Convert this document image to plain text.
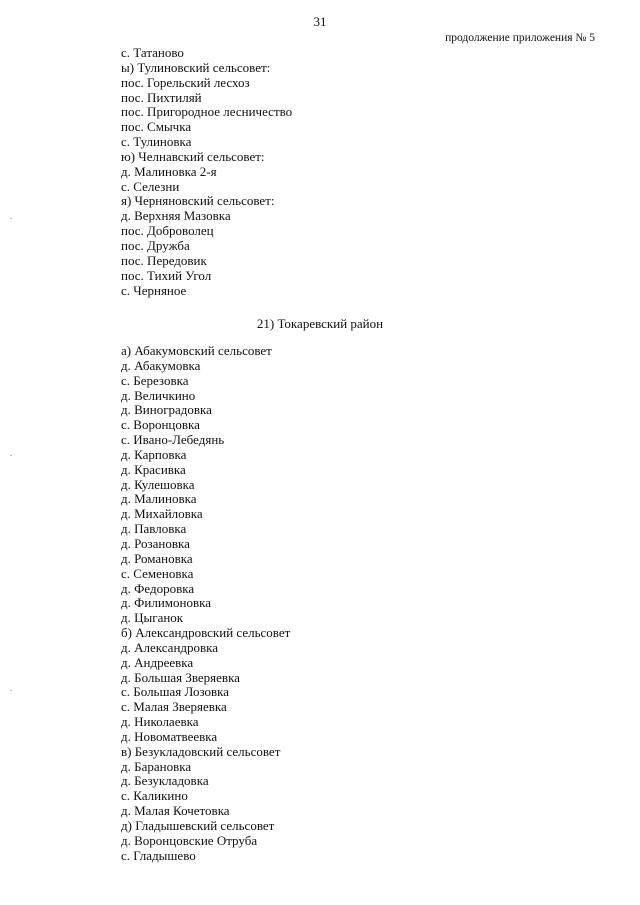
31
продолжение приложения № 5
с. Татаново
ы) Тулиновский сельсовет:
пос. Горельский лесхоз
пос. Пихтиляй
пос. Пригородное лесничество
пос. Смычка
с. Тулиновка
ю) Челнавский сельсовет:
д. Малиновка 2-я
с. Селезни
я) Черняновский сельсовет:
д. Верхняя Мазовка
пос. Доброволец
пос. Дружба
пос. Передовик
пос. Тихий Угол
с. Черняное
21) Токаревский район
а) Абакумовский сельсовет
д. Абакумовка
с. Березовка
д. Величкино
д. Виноградовка
с. Воронцовка
с. Ивано-Лебедянь
д. Карповка
д. Красивка
д. Кулешовка
д. Малиновка
д. Михайловка
д. Павловка
д. Розановка
д. Романовка
с. Семеновка
д. Федоровка
д. Филимоновка
д. Цыганок
б) Александровский сельсовет
д. Александровка
д. Андреевка
д. Большая Зверяевка
с. Большая Лозовка
с. Малая Зверяевка
д. Николаевка
д. Новоматвеевка
в) Безукладовский сельсовет
д. Барановка
д. Безукладовка
с. Каликино
д. Малая Кочетовка
д) Гладышевский сельсовет
д. Воронцовские Отруба
с. Гладышево
